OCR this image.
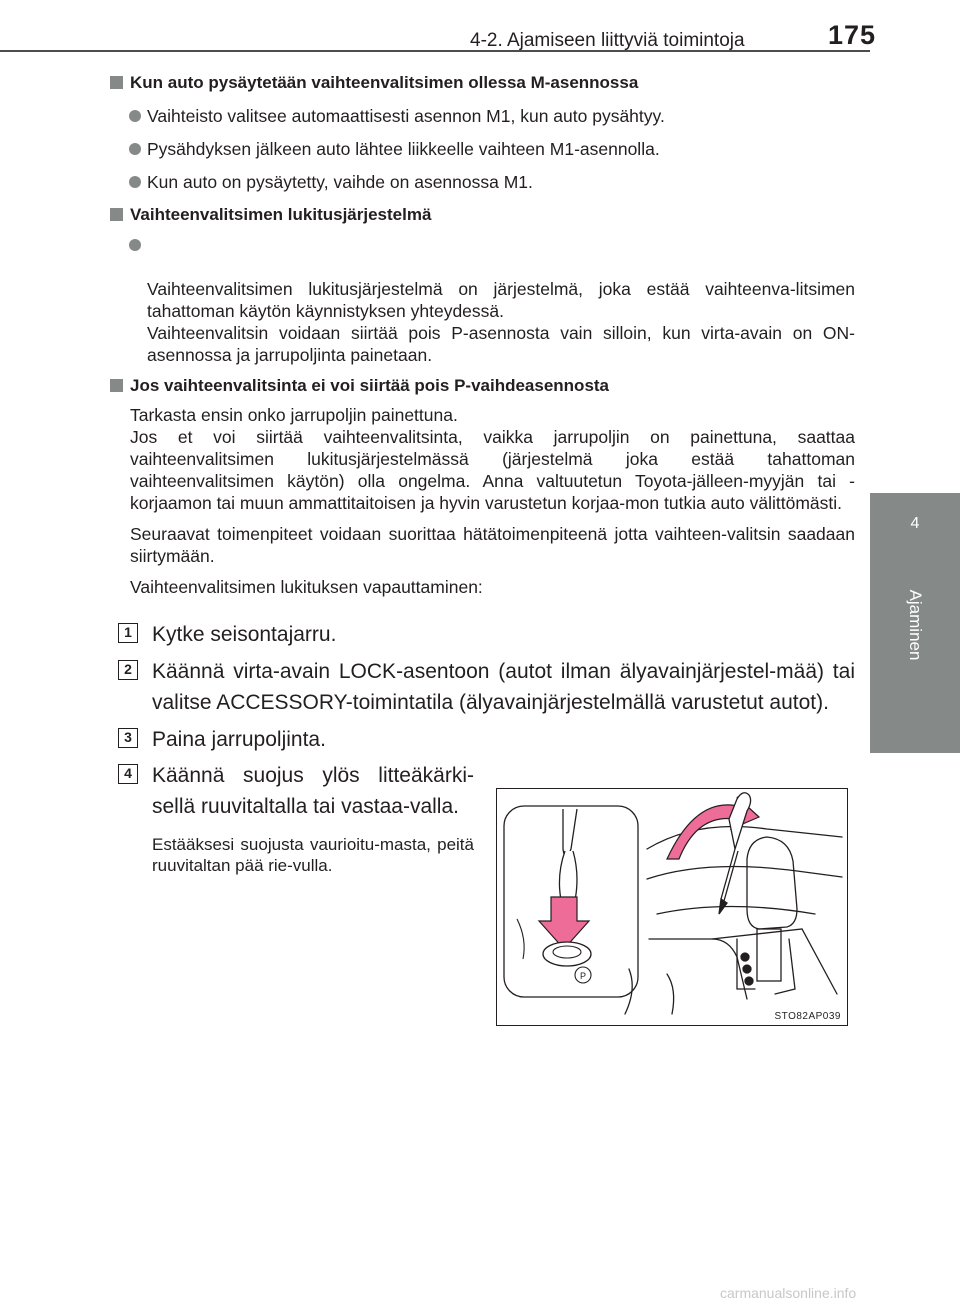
4-2. Ajamiseen liittyviä toimintoja	175
4
Ajaminen
Kun auto pysäytetään vaihteenvalitsimen ollessa M-asennossa
Vaihteisto valitsee automaattisesti asennon M1, kun auto pysähtyy.
Pysähdyksen jälkeen auto lähtee liikkeelle vaihteen M1-asennolla.
Kun auto on pysäytetty, vaihde on asennossa M1.
Vaihteenvalitsimen lukitusjärjestelmä

Vaihteenvalitsimen lukitusjärjestelmä on järjestelmä, joka estää vaihteenva-litsimen tahattoman käytön käynnistyksen yhteydessä.
Vaihteenvalitsin voidaan siirtää pois P-asennosta vain silloin, kun virta-avain on ON-asennossa ja jarrupoljinta painetaan.

Jos vaihteenvalitsinta ei voi siirtää pois P-vaihdeasennosta
Tarkasta ensin onko jarrupoljin painettuna.
Jos et voi siirtää vaihteenvalitsinta, vaikka jarrupoljin on painettuna, saattaa vaihteenvalitsimen lukitusjärjestelmässä (järjestelmä joka estää tahattoman vaihteenvalitsimen käytön) olla ongelma. Anna valtuutetun Toyota-jälleen-myyjän tai -korjaamon tai muun ammattitaitoisen ja hyvin varustetun korjaa-mon tutkia auto välittömästi.
Seuraavat toimenpiteet voidaan suorittaa hätätoimenpiteenä jotta vaihteen-valitsin saadaan siirtymään.
Vaihteenvalitsimen lukituksen vapauttaminen:
1 Kytke seisontajarru.
2 Käännä virta-avain LOCK-asentoon (autot ilman älyavainjärjestel-mää) tai valitse ACCESSORY-toimintatila (älyavainjärjestelmällä varustetut autot).
3 Paina jarrupoljinta.
4 Käännä suojus ylös litteäkärki-sellä ruuvitaltalla tai vastaa-valla.
Estääksesi suojusta vaurioitu-masta, peitä ruuvitaltan pää rie-vulla.
P
STO82AP039
carmanualsonline.info
